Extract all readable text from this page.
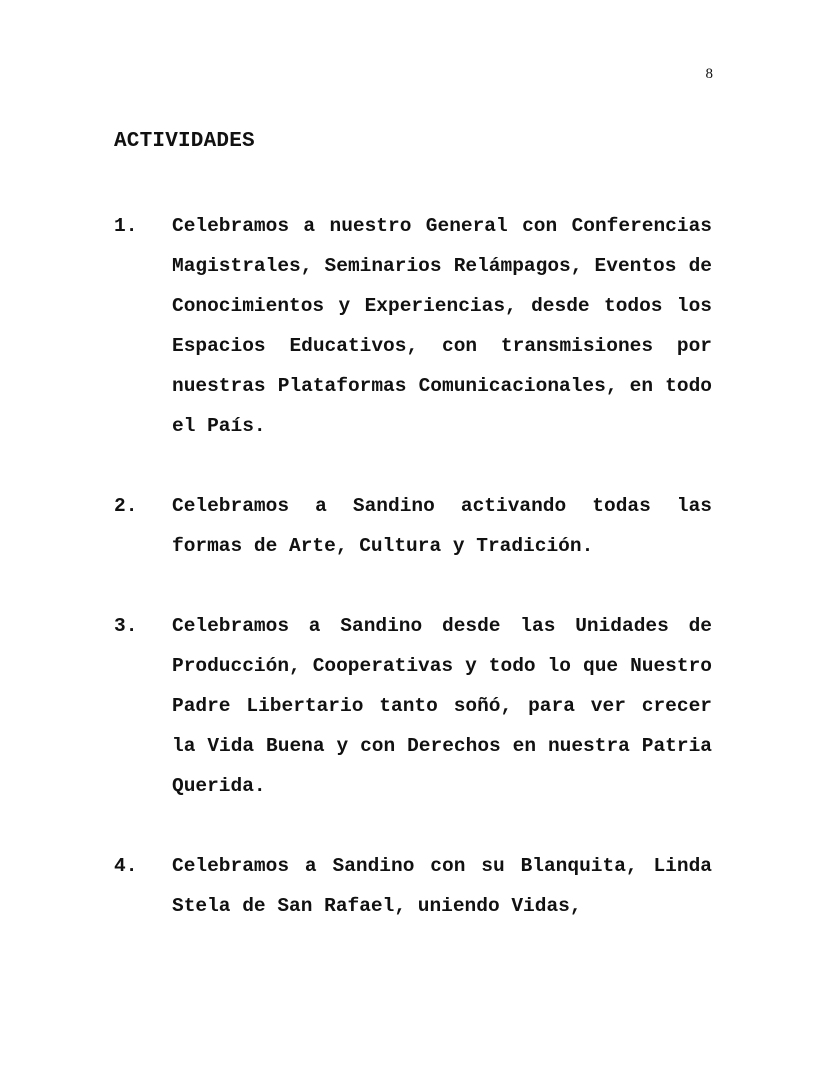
8
ACTIVIDADES
1. Celebramos a nuestro General con Conferencias Magistrales, Seminarios Relámpagos, Eventos de Conocimientos y Experiencias, desde todos los Espacios Educativos, con transmisiones por nuestras Plataformas Comunicacionales, en todo el País.
2. Celebramos a Sandino activando todas las formas de Arte, Cultura y Tradición.
3. Celebramos a Sandino desde las Unidades de Producción, Cooperativas y todo lo que Nuestro Padre Libertario tanto soñó, para ver crecer la Vida Buena y con Derechos en nuestra Patria Querida.
4. Celebramos a Sandino con su Blanquita, Linda Stela de San Rafael, uniendo Vidas,
